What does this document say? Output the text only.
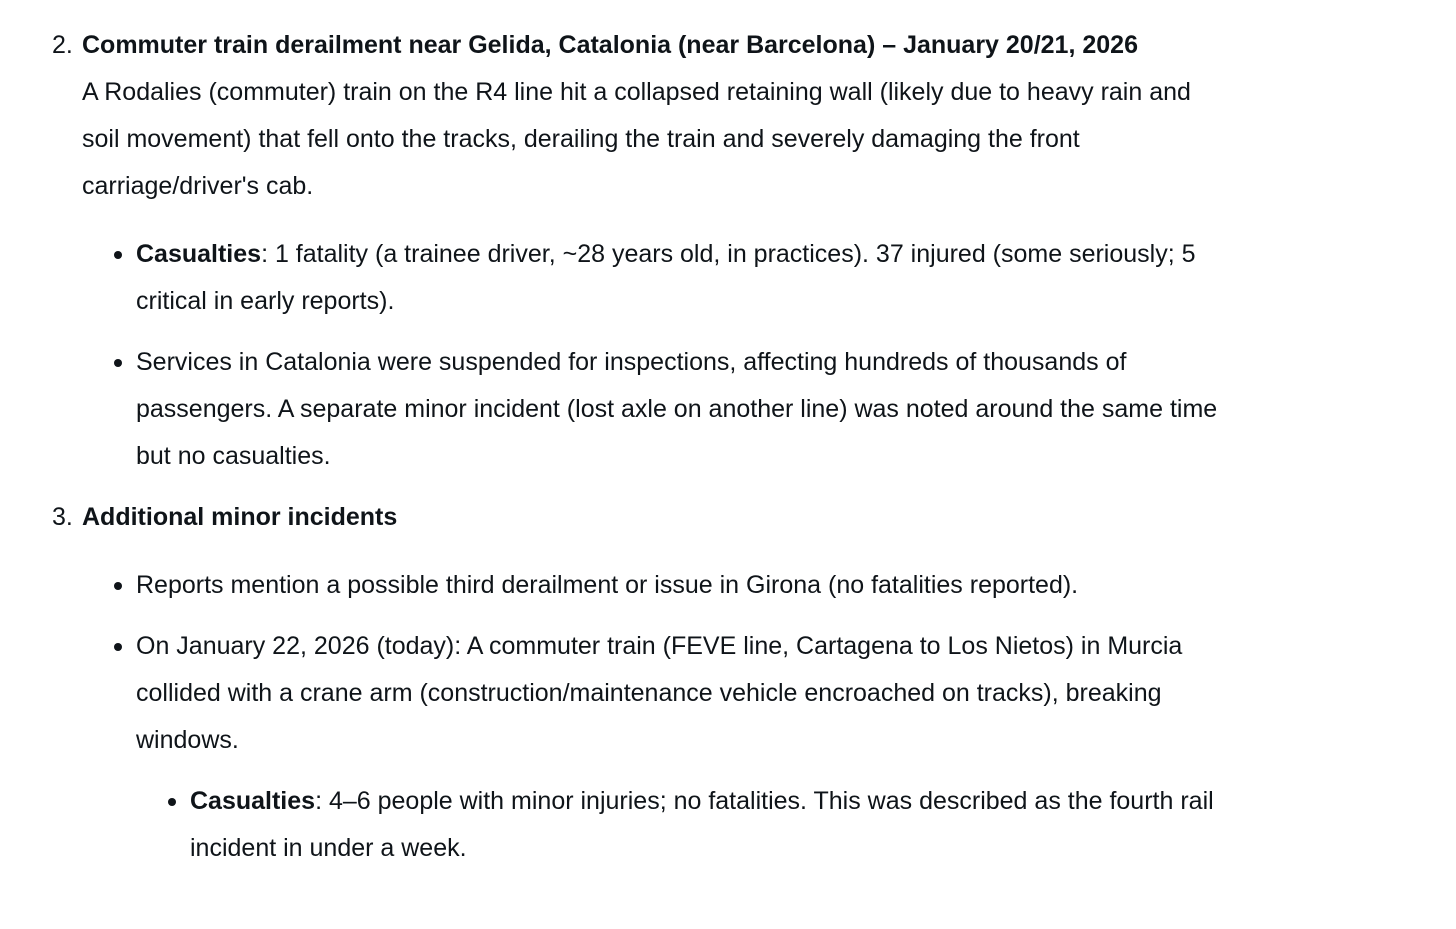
2. Commuter train derailment near Gelida, Catalonia (near Barcelona) – January 20/21, 2026
A Rodalies (commuter) train on the R4 line hit a collapsed retaining wall (likely due to heavy rain and
soil movement) that fell onto the tracks, derailing the train and severely damaging the front
carriage/driver's cab.
Casualties: 1 fatality (a trainee driver, ~28 years old, in practices). 37 injured (some seriously; 5
critical in early reports).
Services in Catalonia were suspended for inspections, affecting hundreds of thousands of
passengers. A separate minor incident (lost axle on another line) was noted around the same time
but no casualties.
3. Additional minor incidents
Reports mention a possible third derailment or issue in Girona (no fatalities reported).
On January 22, 2026 (today): A commuter train (FEVE line, Cartagena to Los Nietos) in Murcia
collided with a crane arm (construction/maintenance vehicle encroached on tracks), breaking
windows.
Casualties: 4–6 people with minor injuries; no fatalities. This was described as the fourth rail
incident in under a week.
